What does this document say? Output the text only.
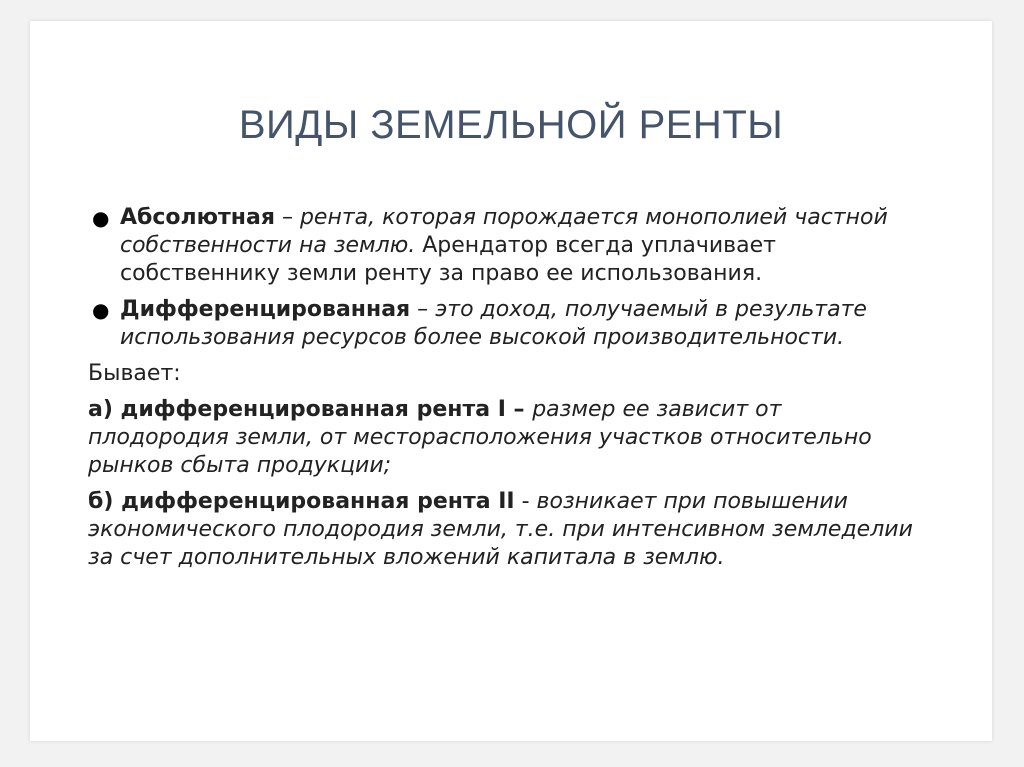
ВИДЫ ЗЕМЕЛЬНОЙ РЕНТЫ
● Абсолютная – рента, которая порождается монополией частной собственности на землю. Арендатор всегда уплачивает собственнику земли ренту за право ее использования.
● Дифференцированная – это доход, получаемый в результате использования ресурсов более высокой производительности.
Бывает:
а) дифференцированная рента I – размер ее зависит от плодородия земли, от месторасположения участков относительно рынков сбыта продукции;
б) дифференцированная рента II - возникает при повышении экономического плодородия земли, т.е. при интенсивном земледелии за счет дополнительных вложений капитала в землю.
